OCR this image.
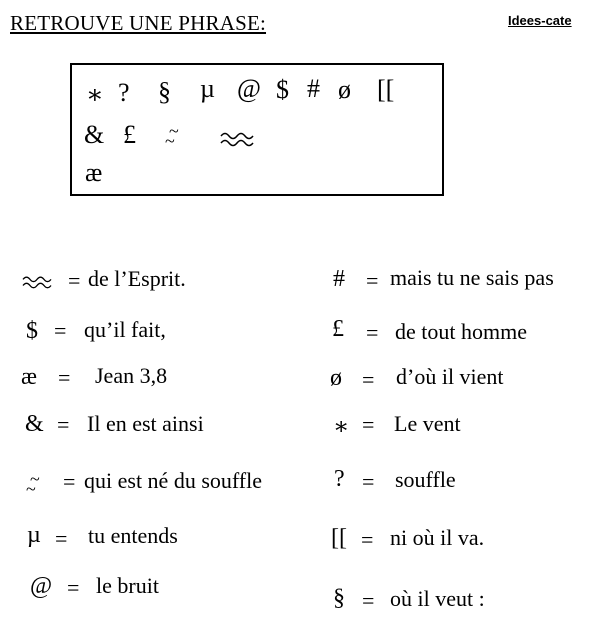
RETROUVE UNE PHRASE:	Idees-cate
∗ ? § µ @ $ # ø [[
& £ ~
~
æ
= de l’Esprit.
$ = qu’il fait,
æ = Jean 3,8
& = Il en est ainsi
~
~ = qui est né du souffle
µ = tu entends
@ = le bruit
# = mais tu ne sais pas
£ = de tout homme
ø = d’où il vient
∗ = Le vent
? = souffle
[[ = ni où il va.
§ = où il veut :
